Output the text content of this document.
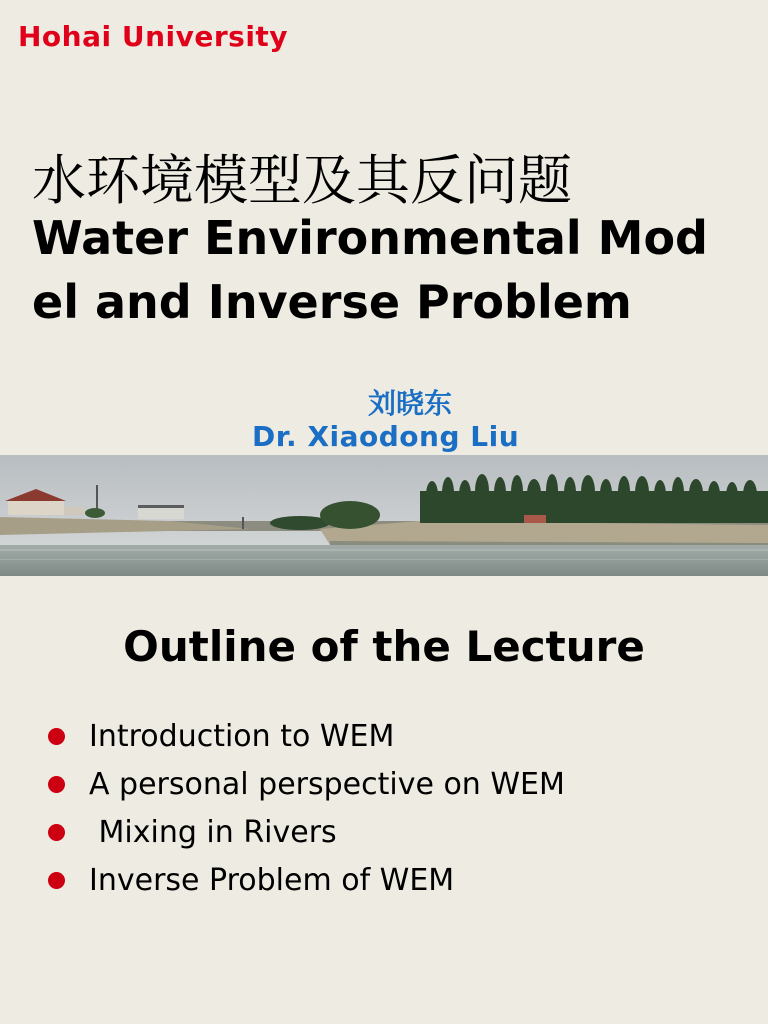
Hohai University
水环境模型及其反问题
Water Environmental Model and Inverse Problem
刘晓东
Dr. Xiaodong Liu
Outline of the Lecture
Introduction to WEM
A personal perspective on WEM
Mixing in Rivers
Inverse Problem of WEM
